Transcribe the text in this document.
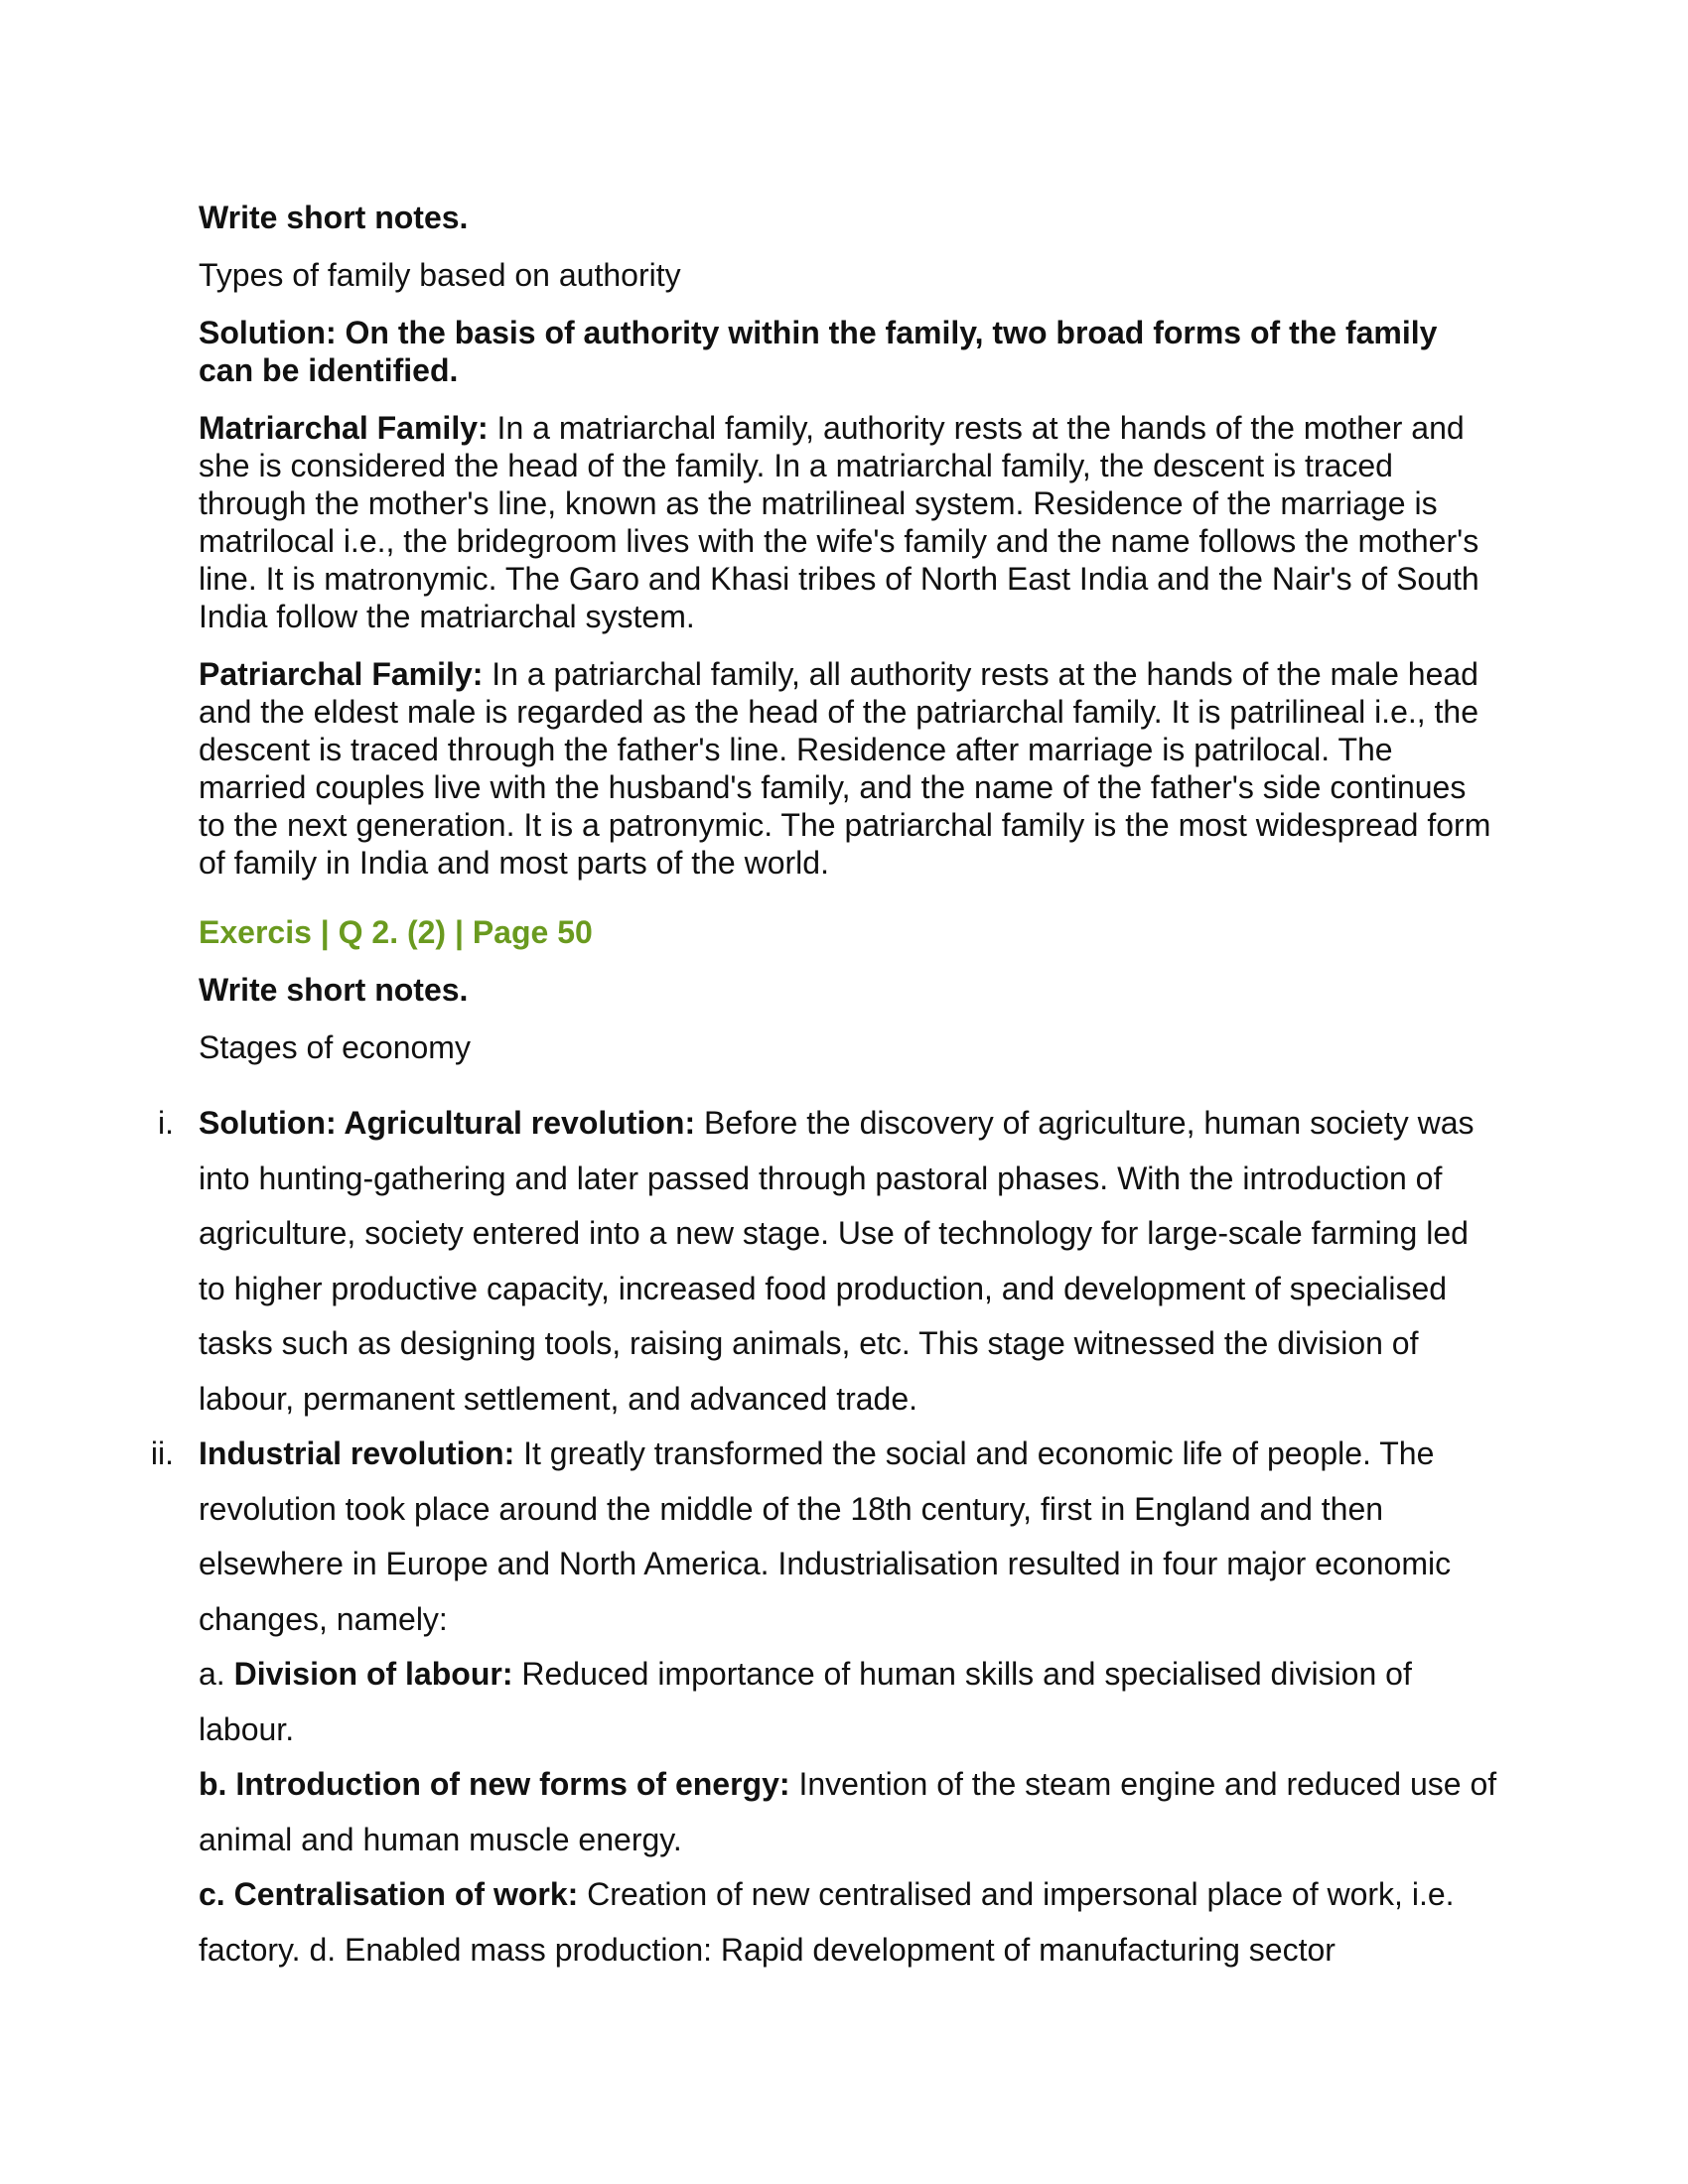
Write short notes.

Types of family based on authority

Solution: On the basis of authority within the family, two broad forms of the family can be identified.

Matriarchal Family: In a matriarchal family, authority rests at the hands of the mother and she is considered the head of the family. In a matriarchal family, the descent is traced through the mother's line, known as the matrilineal system. Residence of the marriage is matrilocal i.e., the bridegroom lives with the wife's family and the name follows the mother's line. It is matronymic. The Garo and Khasi tribes of North East India and the Nair's of South India follow the matriarchal system.

Patriarchal Family: In a patriarchal family, all authority rests at the hands of the male head and the eldest male is regarded as the head of the patriarchal family. It is patrilineal i.e., the descent is traced through the father's line. Residence after marriage is patrilocal. The married couples live with the husband's family, and the name of the father's side continues to the next generation. It is a patronymic. The patriarchal family is the most widespread form of family in India and most parts of the world.

Exercis | Q 2. (2) | Page 50

Write short notes.

Stages of economy

i. Solution: Agricultural revolution: Before the discovery of agriculture, human society was into hunting-gathering and later passed through pastoral phases. With the introduction of agriculture, society entered into a new stage. Use of technology for large-scale farming led to higher productive capacity, increased food production, and development of specialised tasks such as designing tools, raising animals, etc. This stage witnessed the division of labour, permanent settlement, and advanced trade.
ii. Industrial revolution: It greatly transformed the social and economic life of people. The revolution took place around the middle of the 18th century, first in England and then elsewhere in Europe and North America. Industrialisation resulted in four major economic changes, namely:

a. Division of labour: Reduced importance of human skills and specialised division of labour.

b. Introduction of new forms of energy: Invention of the steam engine and reduced use of animal and human muscle energy.

c. Centralisation of work: Creation of new centralised and impersonal place of work, i.e. factory. d. Enabled mass production: Rapid development of manufacturing sector
